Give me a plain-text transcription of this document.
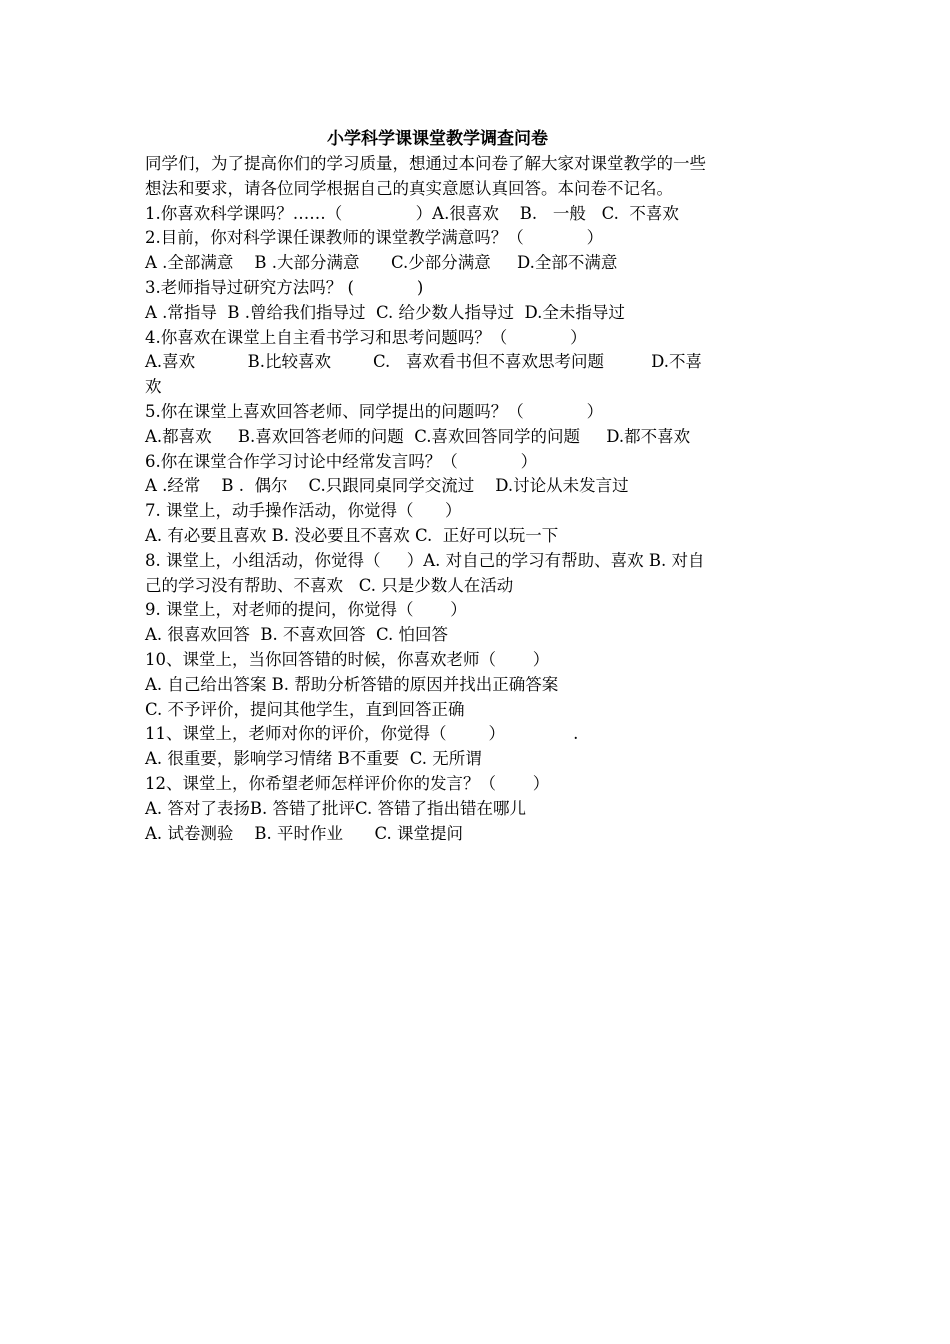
小学科学课课堂教学调查问卷
同学们，为了提高你们的学习质量，想通过本问卷了解大家对课堂教学的一些
想法和要求，请各位同学根据自己的真实意愿认真回答。本问卷不记名。
1.你喜欢科学课吗？……（              ）A.很喜欢    B.   一般   C.  不喜欢
2.目前，你对科学课任课教师的课堂教学满意吗？（            ）
A .全部满意    B .大部分满意      C.少部分满意     D.全部不满意
3.老师指导过研究方法吗？ (            )
A .常指导  B .曾给我们指导过  C. 给少数人指导过  D.全未指导过
4.你喜欢在课堂上自主看书学习和思考问题吗？（            ）
A.喜欢          B.比较喜欢        C.   喜欢看书但不喜欢思考问题         D.不喜
欢
5.你在课堂上喜欢回答老师、同学提出的问题吗？（            ）
A.都喜欢     B.喜欢回答老师的问题  C.喜欢回答同学的问题     D.都不喜欢
6.你在课堂合作学习讨论中经常发言吗？（            ）
A .经常    B .  偶尔    C.只跟同桌同学交流过    D.讨论从未发言过
7. 课堂上，动手操作活动，你觉得（      ）
A. 有必要且喜欢 B. 没必要且不喜欢 C.  正好可以玩一下
8. 课堂上，小组活动，你觉得（     ）A. 对自己的学习有帮助、喜欢 B. 对自
己的学习没有帮助、不喜欢   C. 只是少数人在活动
9. 课堂上，对老师的提问，你觉得（       ）
A. 很喜欢回答  B. 不喜欢回答  C. 怕回答
10、课堂上，当你回答错的时候，你喜欢老师（       ）
A. 自己给出答案 B. 帮助分析答错的原因并找出正确答案
C. 不予评价，提问其他学生，直到回答正确
11、课堂上，老师对你的评价，你觉得（        ）             .
A. 很重要，影响学习情绪 B不重要  C. 无所谓
12、课堂上，你希望老师怎样评价你的发言？（       ）
A. 答对了表扬B. 答错了批评C. 答错了指出错在哪儿
A. 试卷测验    B. 平时作业      C. 课堂提问
